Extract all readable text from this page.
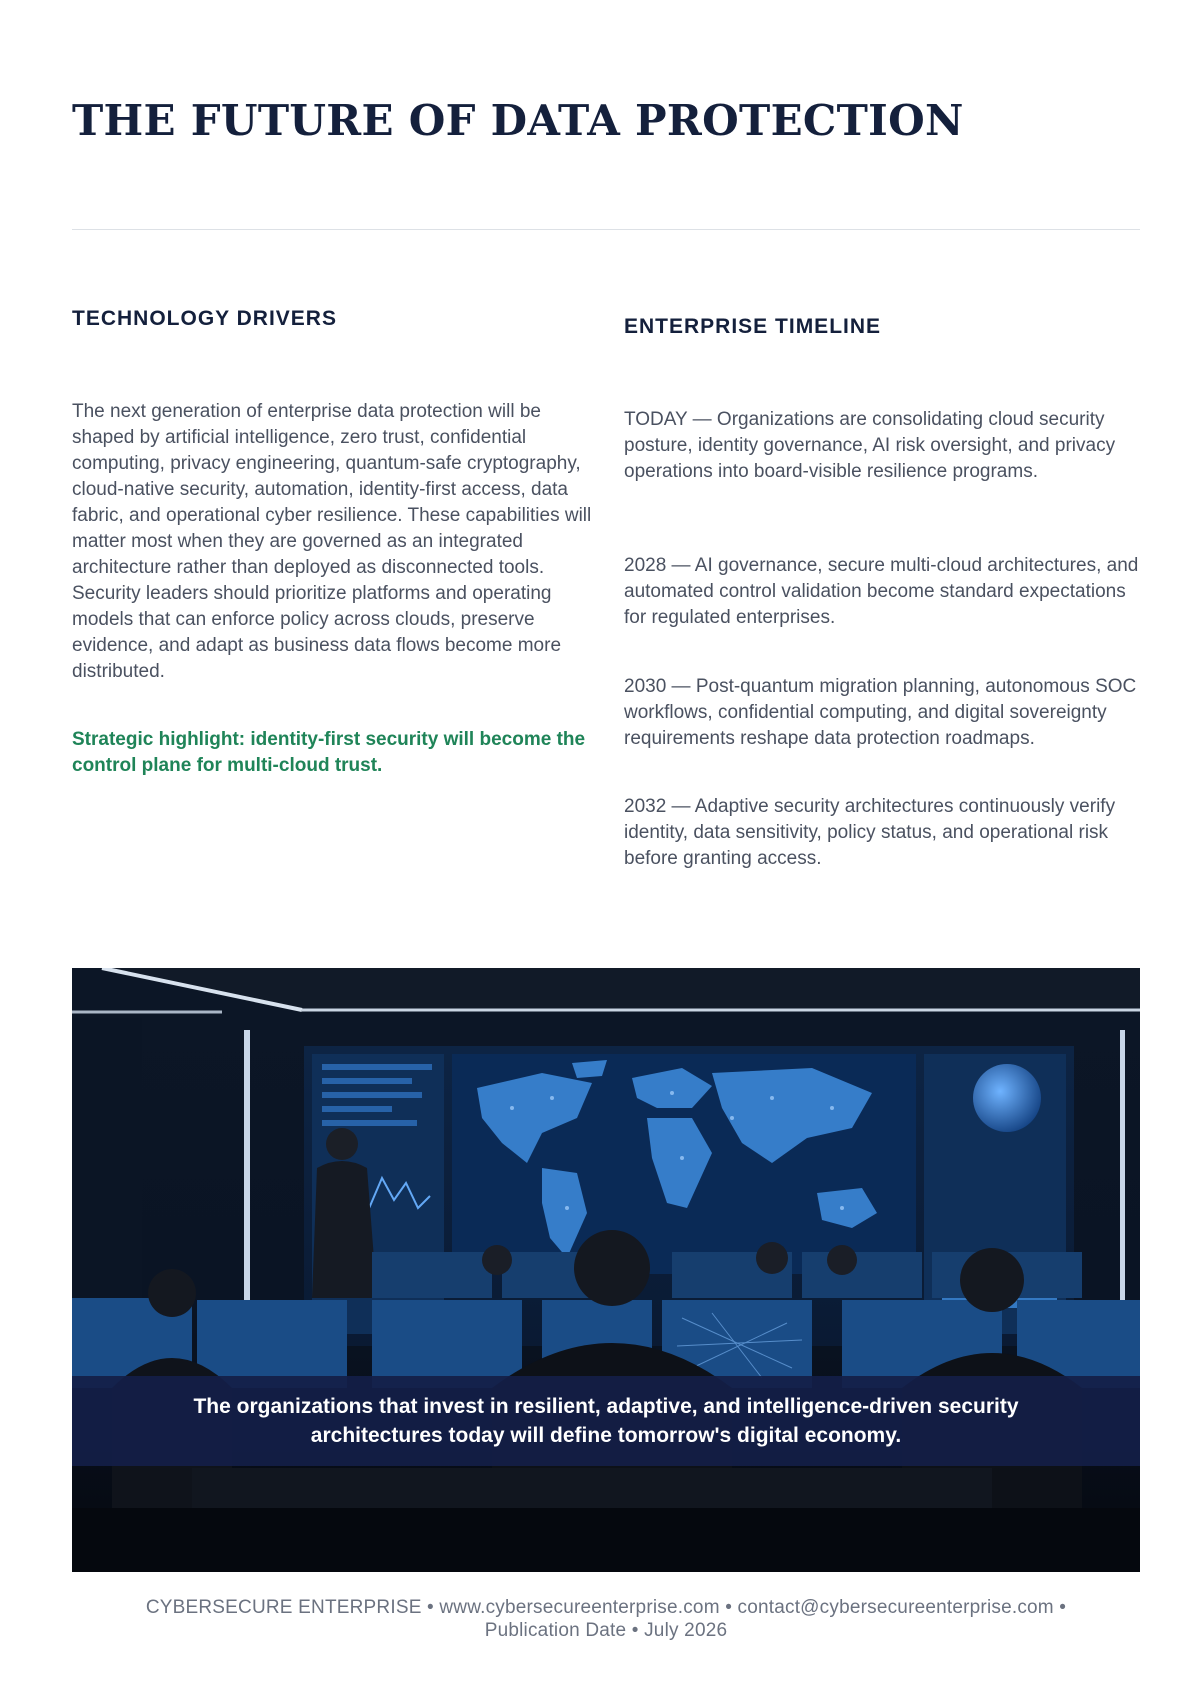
THE FUTURE OF DATA PROTECTION
TECHNOLOGY DRIVERS
The next generation of enterprise data protection will be shaped by artificial intelligence, zero trust, confidential computing, privacy engineering, quantum-safe cryptography, cloud-native security, automation, identity-first access, data fabric, and operational cyber resilience. These capabilities will matter most when they are governed as an integrated architecture rather than deployed as disconnected tools. Security leaders should prioritize platforms and operating models that can enforce policy across clouds, preserve evidence, and adapt as business data flows become more distributed.
Strategic highlight: identity-first security will become the control plane for multi-cloud trust.
ENTERPRISE TIMELINE

TODAY — Organizations are consolidating cloud security posture, identity governance, AI risk oversight, and privacy operations into board-visible resilience programs.

2028 — AI governance, secure multi-cloud architectures, and automated control validation become standard expectations for regulated enterprises.

2030 — Post-quantum migration planning, autonomous SOC workflows, confidential computing, and digital sovereignty requirements reshape data protection roadmaps.

2032 — Adaptive security architectures continuously verify identity, data sensitivity, policy status, and operational risk before granting access.

The organizations that invest in resilient, adaptive, and intelligence-driven security architectures today will define tomorrow's digital economy.
CYBERSECURE ENTERPRISE • www.cybersecureenterprise.com • contact@cybersecureenterprise.com •
Publication Date • July 2026
